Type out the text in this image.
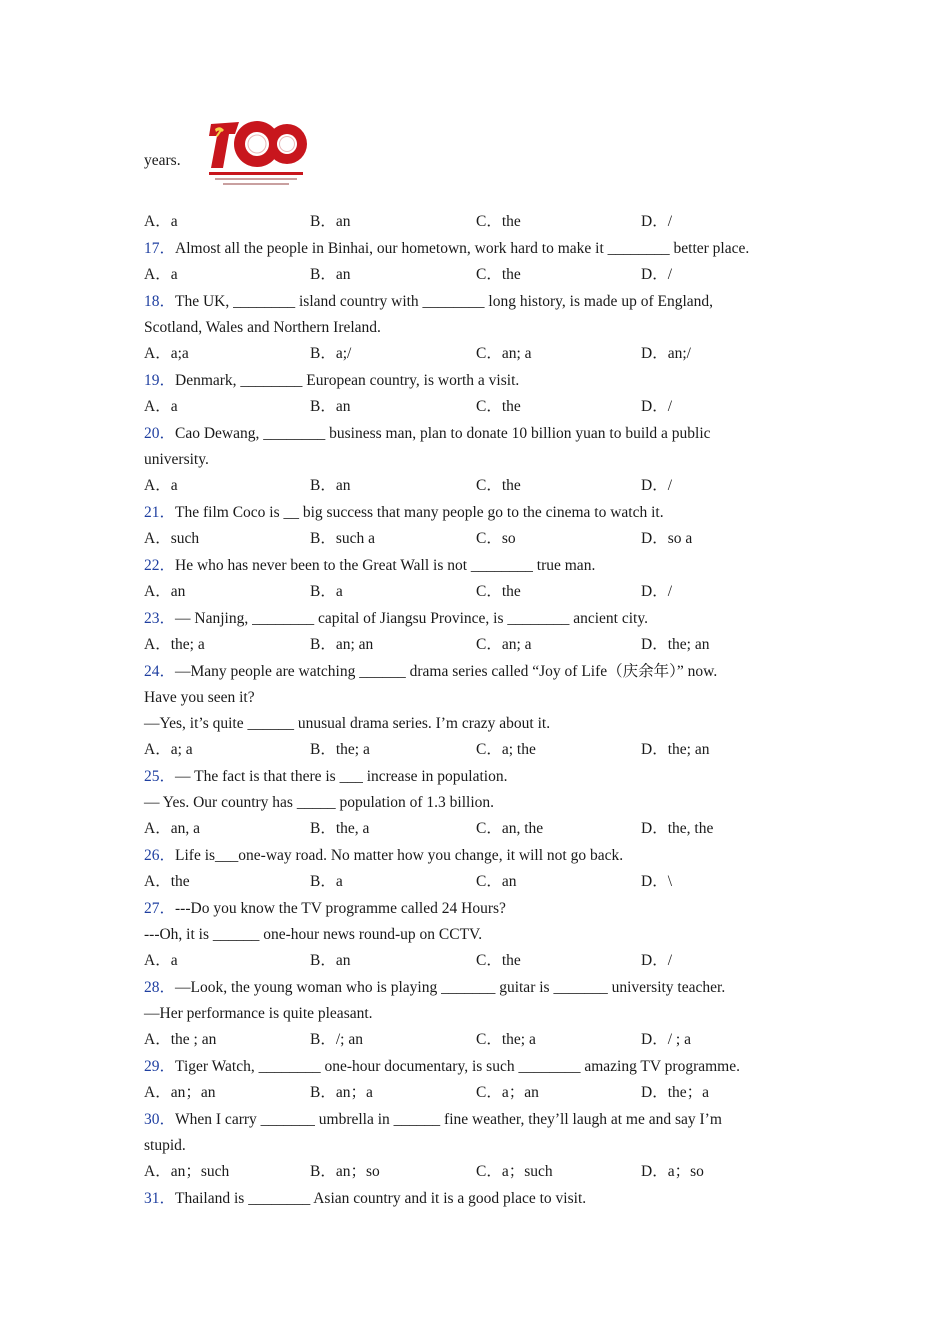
years.
A．a	B．an	C．the	D．/
17．Almost all the people in Binhai, our hometown, work hard to make it ________ better place.
A．a	B．an	C．the	D．/
18．The UK, ________ island country with ________ long history, is made up of England,
Scotland, Wales and Northern Ireland.
A．a;a	B．a;/	C．an; a	D．an;/
19．Denmark, ________ European country, is worth a visit.
A．a	B．an	C．the	D．/
20．Cao Dewang, ________ business man, plan to donate 10 billion yuan to build a public
university.
A．a	B．an	C．the	D．/
21．The film Coco is __ big success that many people go to the cinema to watch it.
A．such	B．such a	C．so	D．so a
22．He who has never been to the Great Wall is not ________ true man.
A．an	B．a	C．the	D．/
23．— Nanjing, ________ capital of Jiangsu Province, is ________ ancient city.
A．the; a	B．an; an	C．an; a	D．the; an
24．—Many people are watching ______ drama series called “Joy of Life（庆余年）” now.
Have you seen it?
—Yes, it’s quite ______ unusual drama series. I’m crazy about it.
A．a; a	B．the; a	C．a; the	D．the; an
25．— The fact is that there is ___ increase in population.
— Yes. Our country has _____ population of 1.3 billion.
A．an, a	B．the, a	C．an, the	D．the, the
26．Life is___one-way road. No matter how you change, it will not go back.
A．the	B．a	C．an	D．\
27．---Do you know the TV programme called 24 Hours?
---Oh, it is ______ one-hour news round-up on CCTV.
A．a	B．an	C．the	D．/
28．—Look, the young woman who is playing _______ guitar is _______ university teacher.
—Her performance is quite pleasant.
A．the ; an	B．/; an	C．the; a	D．/ ; a
29．Tiger Watch, ________ one-hour documentary, is such ________ amazing TV programme.
A．an；an	B．an；a	C．a；an	D．the；a
30．When I carry _______ umbrella in ______ fine weather, they’ll laugh at me and say I’m
stupid.
A．an；such	B．an；so	C．a；such	D．a；so
31．Thailand is ________ Asian country and it is a good place to visit.
